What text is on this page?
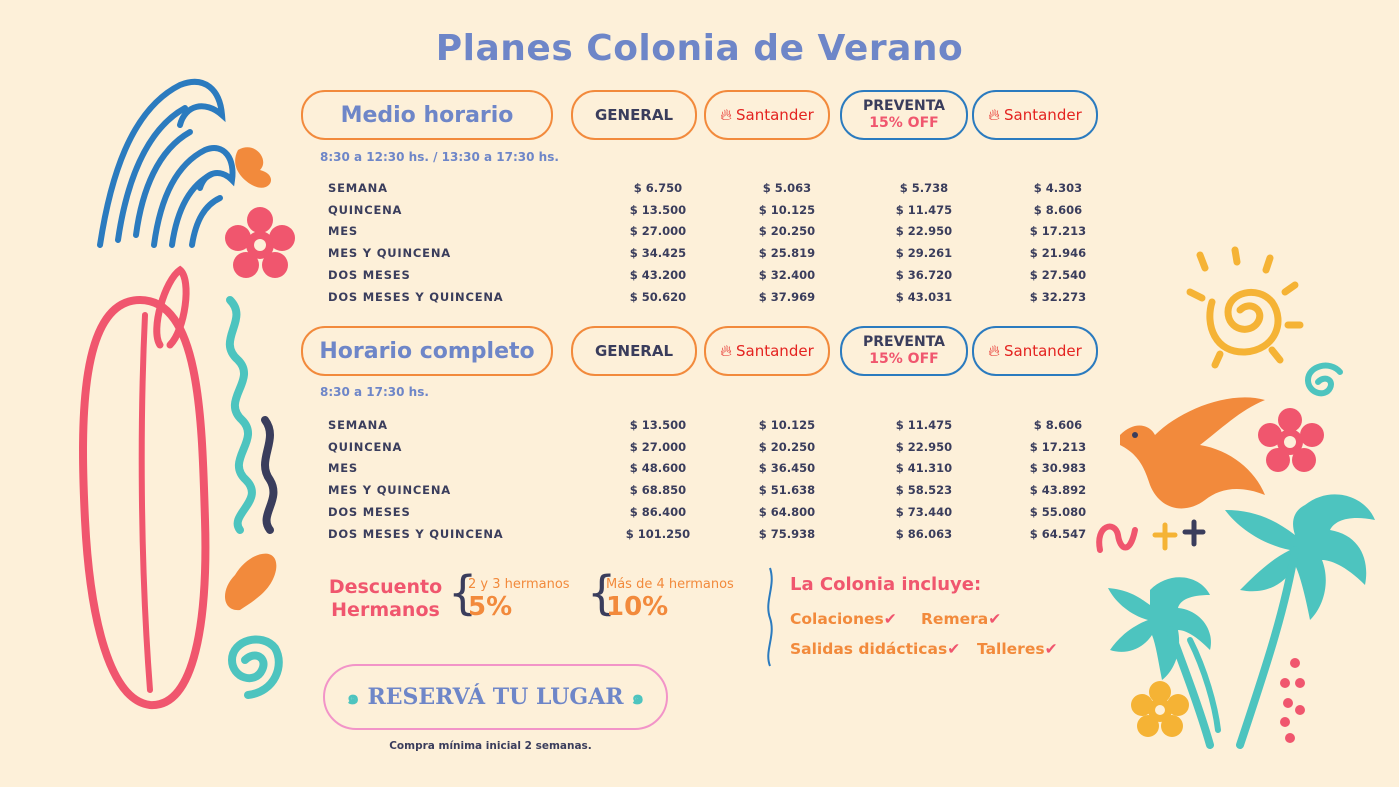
Planes Colonia de Verano
Medio horario	GENERAL	🔥︎ Santander	PREVENTA
15% OFF	🔥︎ Santander
8:30 a 12:30 hs. / 13:30 a 17:30 hs.
SEMANA	$ 6.750	$ 5.063	$ 5.738	$ 4.303
QUINCENA	$ 13.500	$ 10.125	$ 11.475	$ 8.606
MES	$ 27.000	$ 20.250	$ 22.950	$ 17.213
MES Y QUINCENA	$ 34.425	$ 25.819	$ 29.261	$ 21.946
DOS MESES	$ 43.200	$ 32.400	$ 36.720	$ 27.540
DOS MESES Y QUINCENA	$ 50.620	$ 37.969	$ 43.031	$ 32.273
Horario completo	GENERAL	🔥︎ Santander	PREVENTA
15% OFF	🔥︎ Santander
8:30 a 17:30 hs.
SEMANA	$ 13.500	$ 10.125	$ 11.475	$ 8.606
QUINCENA	$ 27.000	$ 20.250	$ 22.950	$ 17.213
MES	$ 48.600	$ 36.450	$ 41.310	$ 30.983
MES Y QUINCENA	$ 68.850	$ 51.638	$ 58.523	$ 43.892
DOS MESES	$ 86.400	$ 64.800	$ 73.440	$ 55.080
DOS MESES Y QUINCENA	$ 101.250	$ 75.938	$ 86.063	$ 64.547
Descuento
Hermanos {
2 y 3 hermanos
5%	{
Más de 4 hermanos
10%
La Colonia incluye:
Colaciones✔ Remera✔
Salidas didácticas✔ Talleres✔
๑ RESERVÁ TU LUGAR ๑
Compra mínima inicial 2 semanas.
